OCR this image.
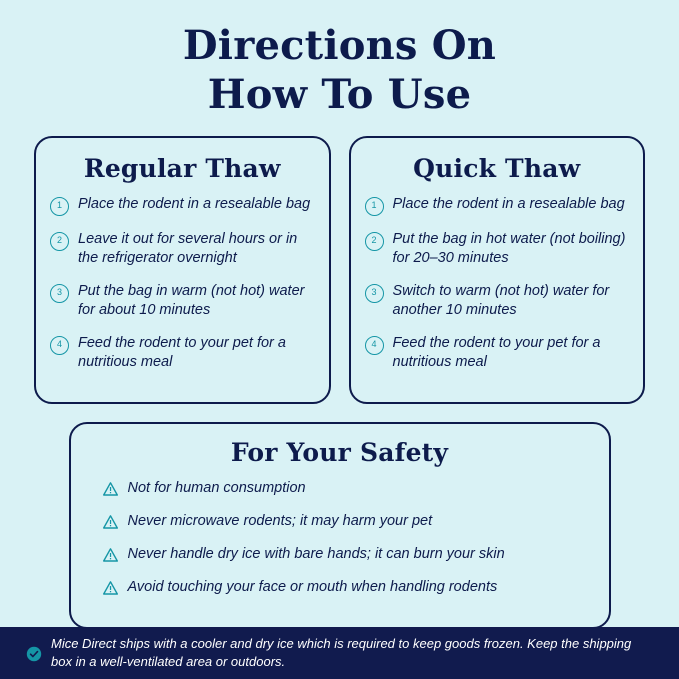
Directions On
How To Use
Regular Thaw
1	Place the rodent in a resealable bag
2	Leave it out for several hours or in the refrigerator overnight
3	Put the bag in warm (not hot) water for about 10 minutes
4	Feed the rodent to your pet for a nutritious meal
Quick Thaw
1	Place the rodent in a resealable bag
2	Put the bag in hot water (not boiling) for 20–30 minutes
3	Switch to warm (not hot) water for another 10 minutes
4	Feed the rodent to your pet for a nutritious meal
For Your Safety
Not for human consumption
Never microwave rodents; it may harm your pet
Never handle dry ice with bare hands; it can burn your skin
Avoid touching your face or mouth when handling rodents
Mice Direct ships with a cooler and dry ice which is required to keep goods frozen. Keep the shipping box in a well-ventilated area or outdoors.
